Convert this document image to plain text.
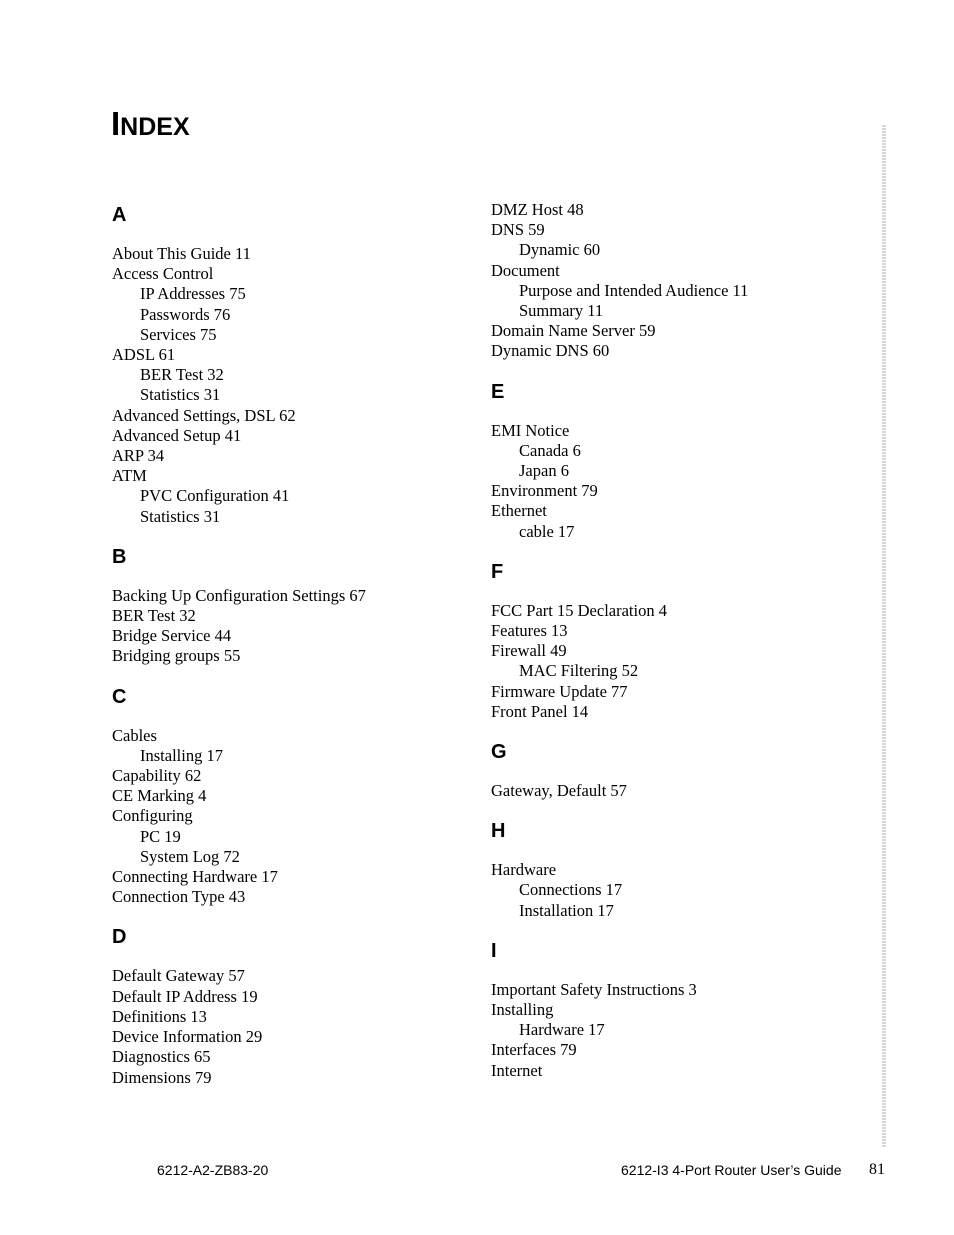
INDEX
A
About This Guide 11
Access Control
IP Addresses 75
Passwords 76
Services 75
ADSL 61
BER Test 32
Statistics 31
Advanced Settings, DSL 62
Advanced Setup 41
ARP 34
ATM
PVC Configuration 41
Statistics 31
B
Backing Up Configuration Settings 67
BER Test 32
Bridge Service 44
Bridging groups 55
C
Cables
Installing 17
Capability 62
CE Marking 4
Configuring
PC 19
System Log 72
Connecting Hardware 17
Connection Type 43
D
Default Gateway 57
Default IP Address 19
Definitions 13
Device Information 29
Diagnostics 65
Dimensions 79
DMZ Host 48
DNS 59
Dynamic 60
Document
Purpose and Intended Audience 11
Summary 11
Domain Name Server 59
Dynamic DNS 60
E
EMI Notice
Canada 6
Japan 6
Environment 79
Ethernet
cable 17
F
FCC Part 15 Declaration 4
Features 13
Firewall 49
MAC Filtering 52
Firmware Update 77
Front Panel 14
G
Gateway, Default 57
H
Hardware
Connections 17
Installation 17
I
Important Safety Instructions 3
Installing
Hardware 17
Interfaces 79
Internet
6212-A2-ZB83-20	6212-I3 4-Port Router User’s Guide 81
